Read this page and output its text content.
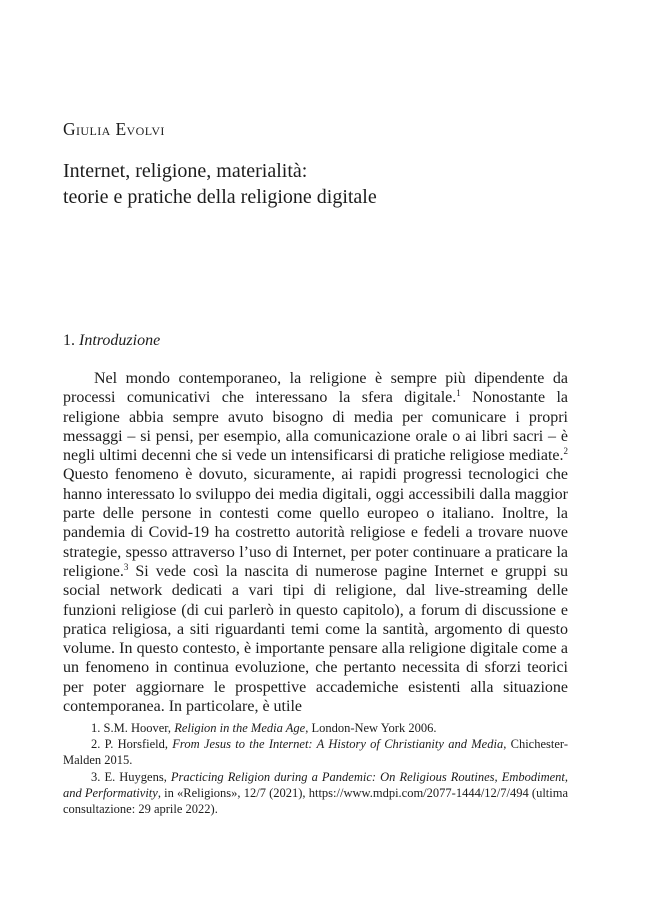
Giulia Evolvi
Internet, religione, materialità:
teorie e pratiche della religione digitale
1. Introduzione

Nel mondo contemporaneo, la religione è sempre più dipendente da processi comunicativi che interessano la sfera digitale.$^1$ Nonostante la religione abbia sempre avuto bisogno di media per comunicare i propri messaggi – si pensi, per esempio, alla comunicazione orale o ai libri sacri – è negli ultimi decenni che si vede un intensificarsi di pratiche religiose mediate.$^2$ Questo fenomeno è dovuto, sicuramente, ai rapidi progressi tecnologici che hanno interessato lo sviluppo dei media digitali, oggi accessibili dalla maggior parte delle persone in contesti come quello europeo o italiano. Inoltre, la pandemia di Covid-19 ha costretto autorità religiose e fedeli a trovare nuove strategie, spesso attraverso l’uso di Internet, per poter continuare a praticare la religione.$^3$ Si vede così la nascita di numerose pagine Internet e gruppi su social network dedicati a vari tipi di religione, dal live-streaming delle funzioni religiose (di cui parlerò in questo capitolo), a forum di discussione e pratica religiosa, a siti riguardanti temi come la santità, argomento di questo volume. In questo contesto, è importante pensare alla religione digitale come a un fenomeno in continua evoluzione, che pertanto necessita di sforzi teorici per poter aggiornare le prospettive accademiche esistenti alla situazione contemporanea. In particolare, è utile

1. S.M. Hoover, Religion in the Media Age, London-New York 2006.

2. P. Horsfield, From Jesus to the Internet: A History of Christianity and Media, Chichester-Malden 2015.

3. E. Huygens, Practicing Religion during a Pandemic: On Religious Routines, Embodiment, and Performativity, in «Religions», 12/7 (2021), https://www.mdpi.com/2077-1444/12/7/494 (ultima consultazione: 29 aprile 2022).
